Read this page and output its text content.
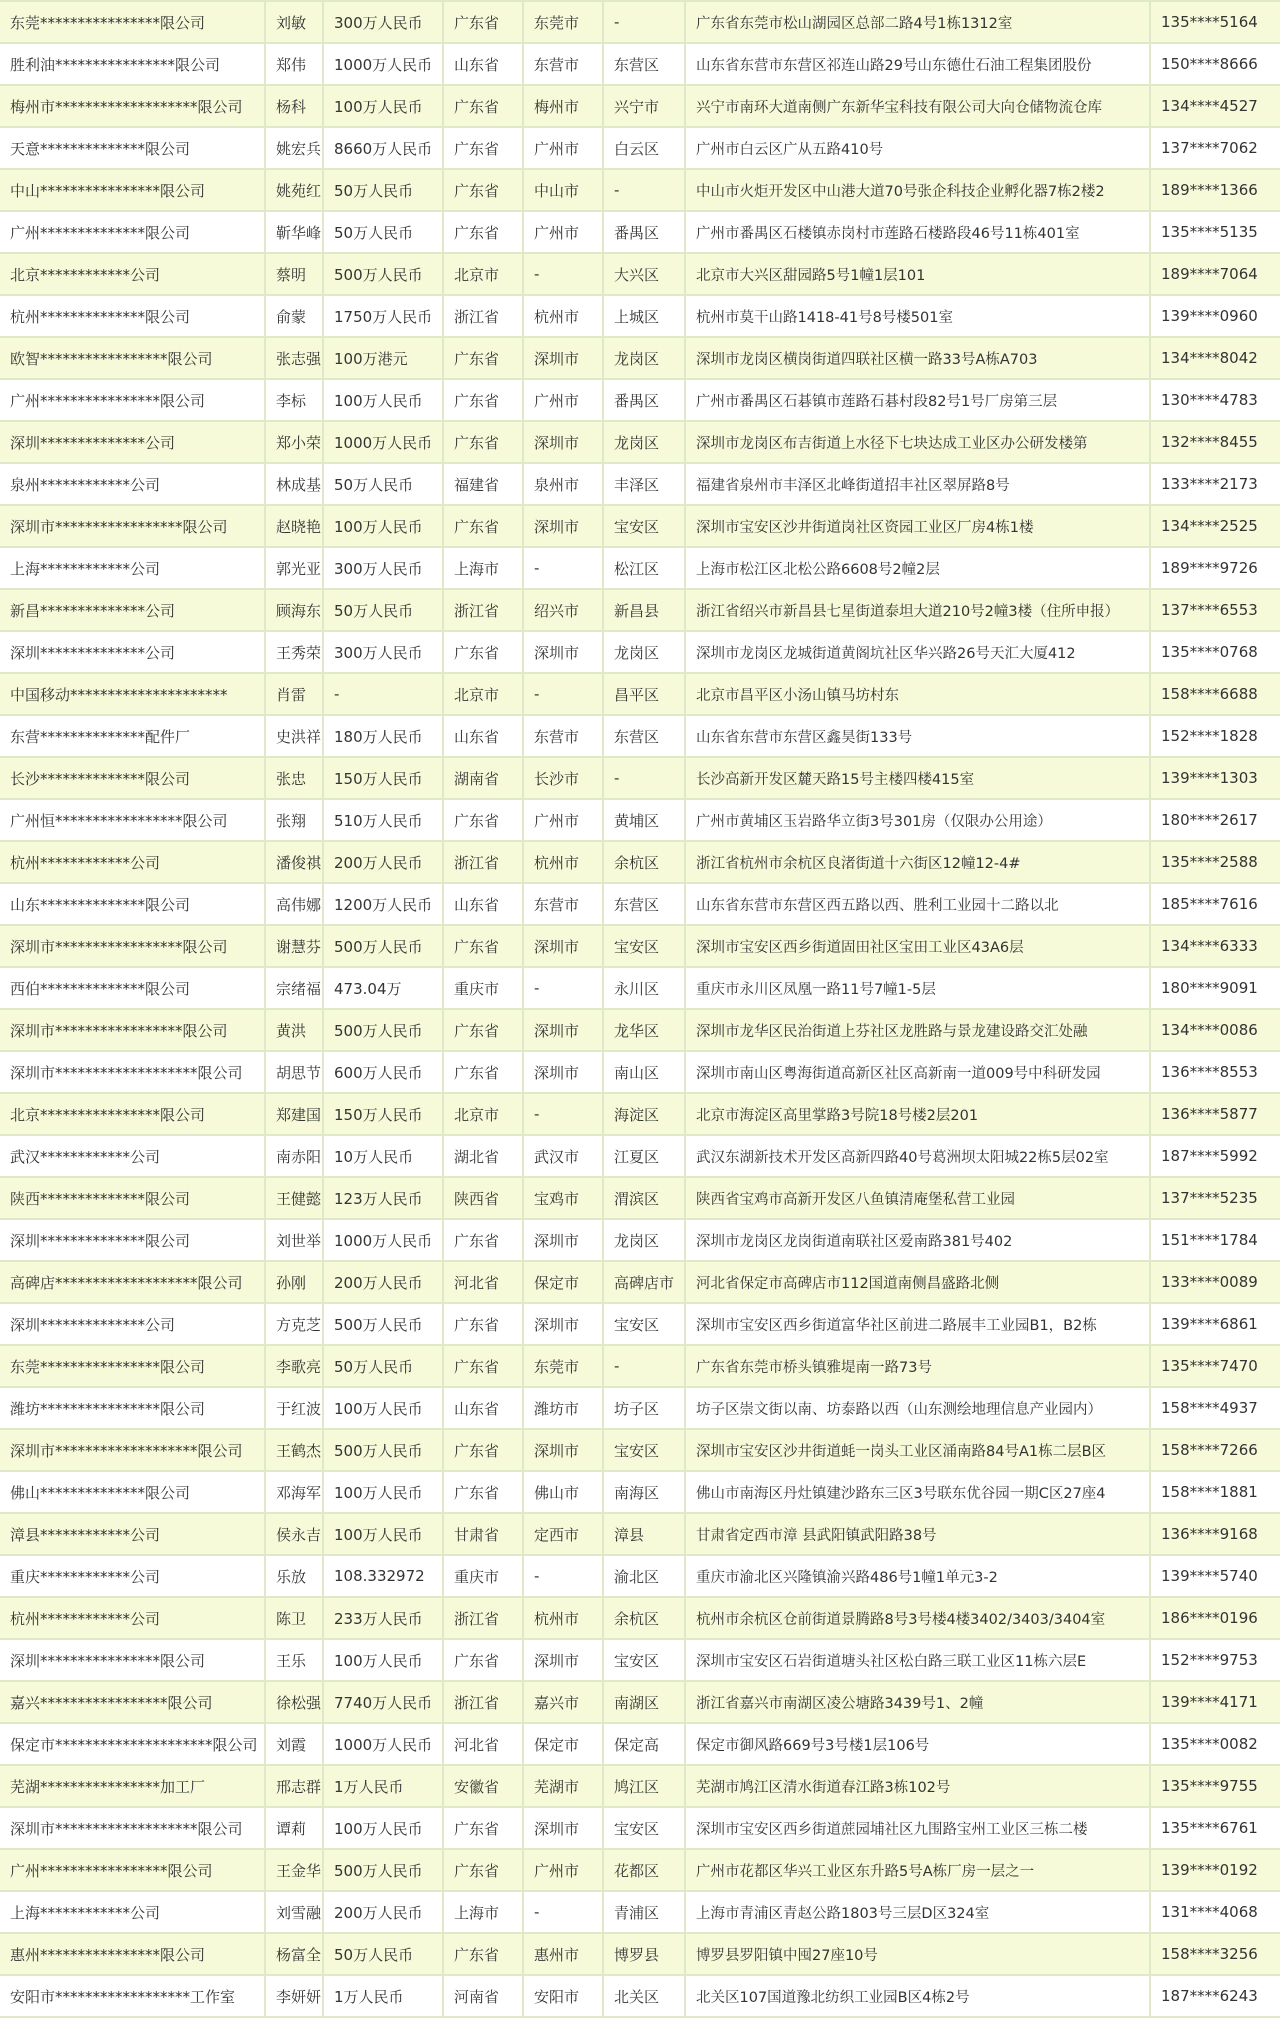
东莞****************限公司	刘敏	300万人民币	广东省	东莞市	-	广东省东莞市松山湖园区总部二路4号1栋1312室	135****5164
胜利油****************限公司	郑伟	1000万人民币	山东省	东营市	东营区	山东省东营市东营区祁连山路29号山东德仕石油工程集团股份	150****8666
梅州市*******************限公司	杨科	100万人民币	广东省	梅州市	兴宁市	兴宁市南环大道南侧广东新华宝科技有限公司大向仓储物流仓库	134****4527
天意**************限公司	姚宏兵 8660万人民币	广东省	广州市	白云区	广州市白云区广从五路410号	137****7062
中山****************限公司	姚苑红 50万人民币	广东省	中山市	-	中山市火炬开发区中山港大道70号张企科技企业孵化器7栋2楼2	189****1366
广州**************限公司	靳华峰 50万人民币	广东省	广州市	番禺区	广州市番禺区石楼镇赤岗村市莲路石楼路段46号11栋401室	135****5135
北京************公司	蔡明	500万人民币	北京市	-	大兴区	北京市大兴区甜园路5号1幢1层101	189****7064
杭州**************限公司	俞蒙	1750万人民币	浙江省	杭州市	上城区	杭州市莫干山路1418-41号8号楼501室	139****0960
欧智*****************限公司	张志强 100万港元	广东省	深圳市	龙岗区	深圳市龙岗区横岗街道四联社区横一路33号A栋A703	134****8042
广州****************限公司	李标	100万人民币	广东省	广州市	番禺区	广州市番禺区石碁镇市莲路石碁村段82号1号厂房第三层	130****4783
深圳**************公司	郑小荣 1000万人民币	广东省	深圳市	龙岗区	深圳市龙岗区布吉街道上水径下七块达成工业区办公研发楼第	132****8455
泉州************公司	林成基 50万人民币	福建省	泉州市	丰泽区	福建省泉州市丰泽区北峰街道招丰社区翠屏路8号	133****2173
深圳市*****************限公司	赵晓艳 100万人民币	广东省	深圳市	宝安区	深圳市宝安区沙井街道岗社区资园工业区厂房4栋1楼	134****2525
上海************公司	郭光亚 300万人民币	上海市	-	松江区	上海市松江区北松公路6608号2幢2层	189****9726
新昌**************公司	顾海东 50万人民币	浙江省	绍兴市	新昌县	浙江省绍兴市新昌县七星街道泰坦大道210号2幢3楼（住所申报）	137****6553
深圳**************公司	王秀荣 300万人民币	广东省	深圳市	龙岗区	深圳市龙岗区龙城街道黄阁坑社区华兴路26号天汇大厦412	135****0768
中国移动*********************	肖雷	-	北京市	-	昌平区	北京市昌平区小汤山镇马坊村东	158****6688
东营**************配件厂	史洪祥 180万人民币	山东省	东营市	东营区	山东省东营市东营区鑫昊街133号	152****1828
长沙**************限公司	张忠	150万人民币	湖南省	长沙市	-	长沙高新开发区麓天路15号主楼四楼415室	139****1303
广州恒*****************限公司	张翔	510万人民币	广东省	广州市	黄埔区	广州市黄埔区玉岩路华立街3号301房（仅限办公用途）	180****2617
杭州************公司	潘俊祺 200万人民币	浙江省	杭州市	余杭区	浙江省杭州市余杭区良渚街道十六街区12幢12-4#	135****2588
山东**************限公司	高伟娜 1200万人民币	山东省	东营市	东营区	山东省东营市东营区西五路以西、胜利工业园十二路以北	185****7616
深圳市*****************限公司	谢慧芬 500万人民币	广东省	深圳市	宝安区	深圳市宝安区西乡街道固田社区宝田工业区43A6层	134****6333
西伯**************限公司	宗绪福 473.04万	重庆市	-	永川区	重庆市永川区凤凰一路11号7幢1-5层	180****9091
深圳市*****************限公司	黄洪	500万人民币	广东省	深圳市	龙华区	深圳市龙华区民治街道上芬社区龙胜路与景龙建设路交汇处融	134****0086
深圳市*******************限公司	胡思节 600万人民币	广东省	深圳市	南山区	深圳市南山区粤海街道高新区社区高新南一道009号中科研发园	136****8553
北京****************限公司	郑建国 150万人民币	北京市	-	海淀区	北京市海淀区高里掌路3号院18号楼2层201	136****5877
武汉************公司	南赤阳 10万人民币	湖北省	武汉市	江夏区	武汉东湖新技术开发区高新四路40号葛洲坝太阳城22栋5层02室	187****5992
陕西**************限公司	王健懿 123万人民币	陕西省	宝鸡市	渭滨区	陕西省宝鸡市高新开发区八鱼镇清庵堡私营工业园	137****5235
深圳**************限公司	刘世举 1000万人民币	广东省	深圳市	龙岗区	深圳市龙岗区龙岗街道南联社区爱南路381号402	151****1784
高碑店*******************限公司	孙刚	200万人民币	河北省	保定市	高碑店市	河北省保定市高碑店市112国道南侧昌盛路北侧	133****0089
深圳**************公司	方克芝 500万人民币	广东省	深圳市	宝安区	深圳市宝安区西乡街道富华社区前进二路展丰工业园B1，B2栋	139****6861
东莞****************限公司	李歌亮 50万人民币	广东省	东莞市	-	广东省东莞市桥头镇雅堤南一路73号	135****7470
潍坊****************限公司	于红波 100万人民币	山东省	潍坊市	坊子区	坊子区崇文街以南、坊泰路以西（山东测绘地理信息产业园内）	158****4937
深圳市*******************限公司	王鹤杰 500万人民币	广东省	深圳市	宝安区	深圳市宝安区沙井街道蚝一岗头工业区涌南路84号A1栋二层B区	158****7266
佛山**************限公司	邓海军 100万人民币	广东省	佛山市	南海区	佛山市南海区丹灶镇建沙路东三区3号联东优谷园一期C区27座4	158****1881
漳县************公司	侯永吉 100万人民币	甘肃省	定西市	漳县	甘肃省定西市漳 县武阳镇武阳路38号	136****9168
重庆************公司	乐放	108.332972	重庆市	-	渝北区	重庆市渝北区兴隆镇渝兴路486号1幢1单元3-2	139****5740
杭州************公司	陈卫	233万人民币	浙江省	杭州市	余杭区	杭州市余杭区仓前街道景腾路8号3号楼4楼3402/3403/3404室	186****0196
深圳****************限公司	王乐	100万人民币	广东省	深圳市	宝安区	深圳市宝安区石岩街道塘头社区松白路三联工业区11栋六层E	152****9753
嘉兴*****************限公司	徐松强 7740万人民币	浙江省	嘉兴市	南湖区	浙江省嘉兴市南湖区凌公塘路3439号1、2幢	139****4171
保定市*********************限公司	刘霞	1000万人民币	河北省	保定市	保定高	保定市御风路669号3号楼1层106号	135****0082
芜湖****************加工厂	邢志群 1万人民币	安徽省	芜湖市	鸠江区	芜湖市鸠江区清水街道春江路3栋102号	135****9755
深圳市*******************限公司	谭莉	100万人民币	广东省	深圳市	宝安区	深圳市宝安区西乡街道蔗园埔社区九围路宝州工业区三栋二楼	135****6761
广州*****************限公司	王金华 500万人民币	广东省	广州市	花都区	广州市花都区华兴工业区东升路5号A栋厂房一层之一	139****0192
上海************公司	刘雪融 200万人民币	上海市	-	青浦区	上海市青浦区青赵公路1803号三层D区324室	131****4068
惠州****************限公司	杨富全 50万人民币	广东省	惠州市	博罗县	博罗县罗阳镇中囤27座10号	158****3256
安阳市******************工作室	李妍妍 1万人民币	河南省	安阳市	北关区	北关区107国道豫北纺织工业园B区4栋2号	187****6243
